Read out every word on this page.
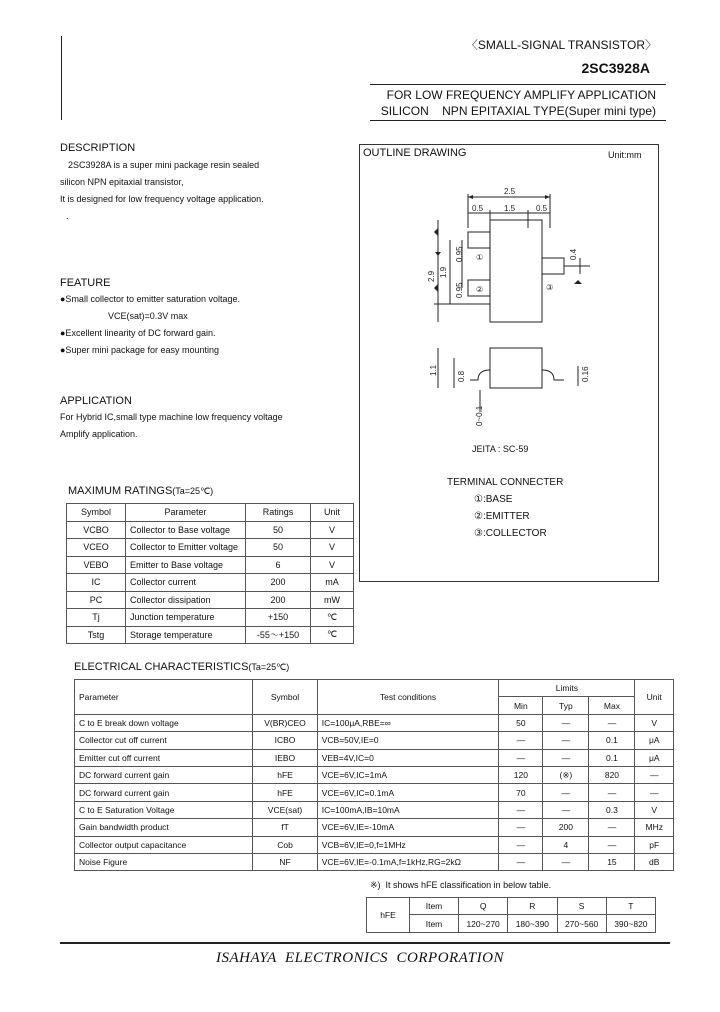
〈SMALL-SIGNAL TRANSISTOR〉
2SC3928A
FOR LOW FREQUENCY AMPLIFY APPLICATION
SILICON    NPN EPITAXIAL TYPE(Super mini type)
DESCRIPTION
2SC3928A is a super mini package resin sealed
silicon NPN epitaxial transistor,
It is designed for low frequency voltage application.
.
FEATURE
●Small collector to emitter saturation voltage.
VCE(sat)=0.3V max
●Excellent linearity of DC forward gain.
●Super mini package for easy mounting
APPLICATION
For Hybrid IC,small type machine low frequency voltage
Amplify application.
OUTLINE DRAWING	Unit:mm
2.5
0.5	1.5	0.5
2.9 1.9
0.95
0.95
0.4
1.1
0.8	0.16
0~0.1
①
②	③
JEITA : SC-59
TERMINAL CONNECTER
①:BASE
②:EMITTER
③:COLLECTOR
MAXIMUM RATINGS(Ta=25℃)
Symbol	Parameter	Ratings	Unit
VCBO	Collector to Base voltage	50	V
VCEO	Collector to Emitter voltage	50	V
VEBO	Emitter to Base voltage	6	V
IC	Collector current	200	mA
PC	Collector dissipation	200	mW
Tj	Junction temperature	+150	℃
Tstg	Storage temperature	-55～+150	℃
ELECTRICAL CHARACTERISTICS(Ta=25℃)
Parameter	Symbol	Test conditions	Limits			Unit
			Min	Typ	Max	
C to E break down voltage	V(BR)CEO	IC=100μA,RBE=∞	50	—	—	V
Collector cut off current	ICBO	VCB=50V,IE=0	—	—	0.1	μA
Emitter cut off current	IEBO	VEB=4V,IC=0	—	—	0.1	μA
DC forward current gain	hFE	VCE=6V,IC=1mA	120	(※)	820	—
DC forward current gain	hFE	VCE=6V,IC=0.1mA	70	—	—	—
C to E Saturation Voltage	VCE(sat)	IC=100mA,IB=10mA	—	—	0.3	V
Gain bandwidth product	fT	VCE=6V,IE=-10mA	—	200	—	MHz
Collector output capacitance	Cob	VCB=6V,IE=0,f=1MHz	—	4	—	pF
Noise Figure	NF	VCE=6V,IE=-0.1mA,f=1kHz,RG=2kΩ	—	—	15	dB
※)  It shows hFE classification in below table.
hFE	Item	Q	R	S	T
	Item	120~270	180~390	270~560	390~820
ISAHAYA  ELECTRONICS  CORPORATION
